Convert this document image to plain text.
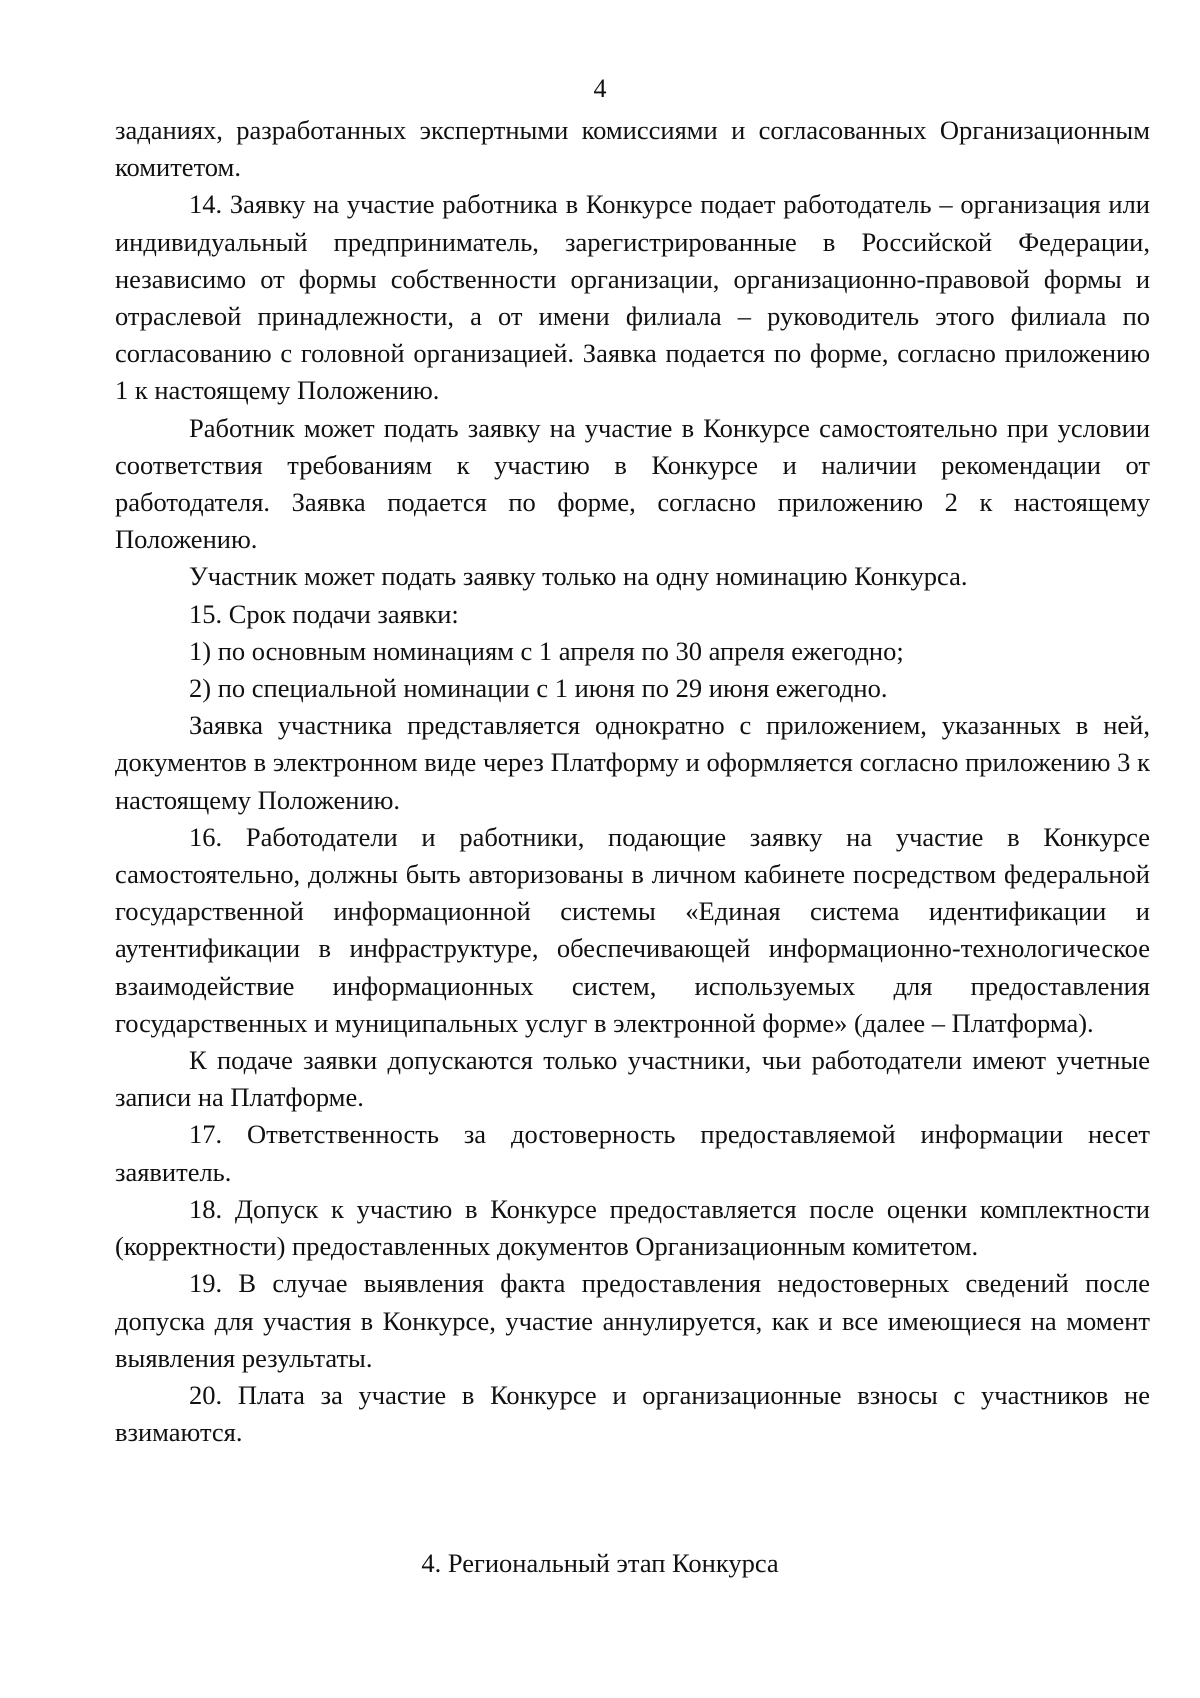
4

заданиях, разработанных экспертными комиссиями и согласованных Организационным комитетом.

14. Заявку на участие работника в Конкурсе подает работодатель – организация или индивидуальный предприниматель, зарегистрированные в Российской Федерации, независимо от формы собственности организации, организационно-правовой формы и отраслевой принадлежности, а от имени филиала – руководитель этого филиала по согласованию с головной организацией. Заявка подается по форме, согласно приложению 1 к настоящему Положению.

Работник может подать заявку на участие в Конкурсе самостоятельно при условии соответствия требованиям к участию в Конкурсе и наличии рекомендации от работодателя. Заявка подается по форме, согласно приложению 2 к настоящему Положению.

Участник может подать заявку только на одну номинацию Конкурса.

15. Срок подачи заявки:

1) по основным номинациям с 1 апреля по 30 апреля ежегодно;

2) по специальной номинации с 1 июня по 29 июня ежегодно.

Заявка участника представляется однократно с приложением, указанных в ней, документов в электронном виде через Платформу и оформляется согласно приложению 3 к настоящему Положению.

16. Работодатели и работники, подающие заявку на участие в Конкурсе самостоятельно, должны быть авторизованы в личном кабинете посредством федеральной государственной информационной системы «Единая система идентификации и аутентификации в инфраструктуре, обеспечивающей информационно-технологическое взаимодействие информационных систем, используемых для предоставления государственных и муниципальных услуг в электронной форме» (далее – Платформа).

К подаче заявки допускаются только участники, чьи работодатели имеют учетные записи на Платформе.

17. Ответственность за достоверность предоставляемой информации несет заявитель.

18. Допуск к участию в Конкурсе предоставляется после оценки комплектности (корректности) предоставленных документов Организационным комитетом.

19. В случае выявления факта предоставления недостоверных сведений после допуска для участия в Конкурсе, участие аннулируется, как и все имеющиеся на момент выявления результаты.

20. Плата за участие в Конкурсе и организационные взносы с участников не взимаются.

4. Региональный этап Конкурса
